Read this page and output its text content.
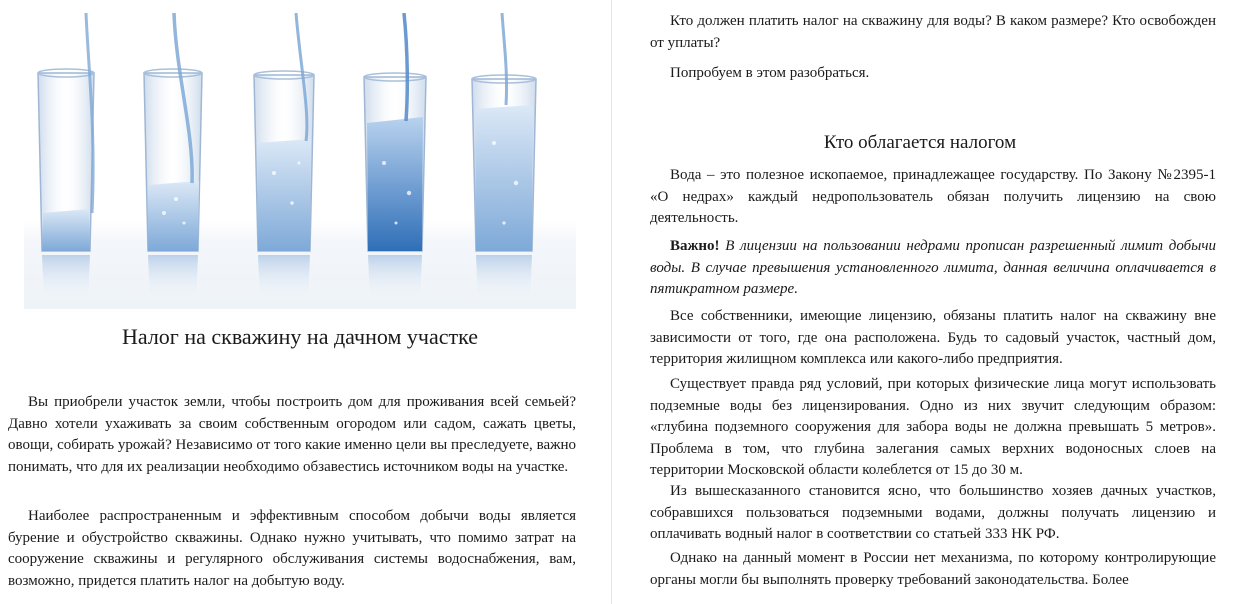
Налог на скважину на дачном участке

Вы приобрели участок земли, чтобы построить дом для проживания всей семьей? Давно хотели ухаживать за своим собственным огородом или садом, сажать цветы, овощи, собирать урожай? Независимо от того какие именно цели вы преследуете, важно понимать, что для их реализации необходимо обзавестись источником воды на участке.

Наиболее распространенным и эффективным способом добычи воды является бурение и обустройство скважины. Однако нужно учитывать, что помимо затрат на сооружение скважины и регулярного обслуживания системы водоснабжения, вам, возможно, придется платить налог на добытую воду.

Кто должен платить налог на скважину для воды? В каком размере? Кто освобожден от уплаты?

Попробуем в этом разобраться.

Кто облагается налогом

Вода – это полезное ископаемое, принадлежащее государству. По Закону №2395-1 «О недрах» каждый недропользователь обязан получить лицензию на свою деятельность.

Важно! В лицензии на пользовании недрами прописан разрешенный лимит добычи воды. В случае превышения установленного лимита, данная величина оплачивается в пятикратном размере.

Все собственники, имеющие лицензию, обязаны платить налог на скважину вне зависимости от того, где она расположена. Будь то садовый участок, частный дом, территория жилищном комплекса или какого-либо предприятия.

Существует правда ряд условий, при которых физические лица могут использовать подземные воды без лицензирования. Одно из них звучит следующим образом: «глубина подземного сооружения для забора воды не должна превышать 5 метров». Проблема в том, что глубина залегания самых верхних водоносных слоев на территории Московской области колеблется от 15 до 30 м.

Из вышесказанного становится ясно, что большинство хозяев дачных участков, собравшихся пользоваться подземными водами, должны получать лицензию и оплачивать водный налог в соответствии со статьей 333 НК РФ.

Однако на данный момент в России нет механизма, по которому контролирующие органы могли бы выполнять проверку требований законодательства. Более
